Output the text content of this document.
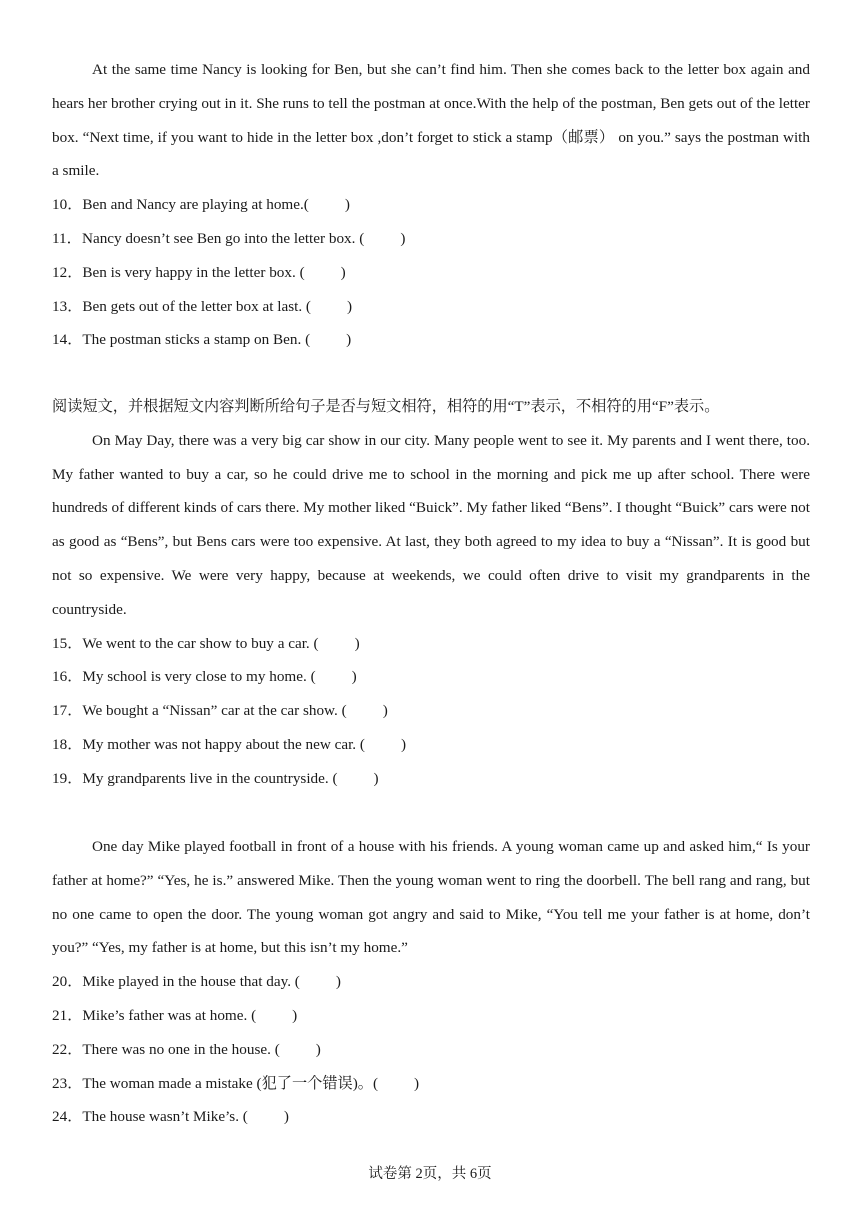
At the same time Nancy is looking for Ben, but she can’t find him. Then she comes back to the letter box again and hears her brother crying out in it. She runs to tell the postman at once.With the help of the postman, Ben gets out of the letter box. “Next time, if you want to hide in the letter box ,don’t forget to stick a stamp（邮票） on you.” says the postman with a smile.

10．Ben and Nancy are playing at home.( )

11．Nancy doesn’t see Ben go into the letter box. ( )

12．Ben is very happy in the letter box. ( )

13．Ben gets out of the letter box at last. ( )

14．The postman sticks a stamp on Ben. ( )

阅读短文，并根据短文内容判断所给句子是否与短文相符，相符的用“T”表示，不相符的用“F”表示。

On May Day, there was a very big car show in our city. Many people went to see it. My parents and I went there, too. My father wanted to buy a car, so he could drive me to school in the morning and pick me up after school. There were hundreds of different kinds of cars there. My mother liked “Buick”. My father liked “Bens”. I thought “Buick” cars were not as good as “Bens”, but Bens cars were too expensive. At last, they both agreed to my idea to buy a “Nissan”. It is good but not so expensive. We were very happy, because at weekends, we could often drive to visit my grandparents in the countryside.

15．We went to the car show to buy a car. ( )

16．My school is very close to my home. ( )

17．We bought a “Nissan” car at the car show. ( )

18．My mother was not happy about the new car. ( )

19．My grandparents live in the countryside. ( )

One day Mike played football in front of a house with his friends. A young woman came up and asked him,“ Is your father at home?” “Yes, he is.” answered Mike. Then the young woman went to ring the doorbell. The bell rang and rang, but no one came to open the door. The young woman got angry and said to Mike, “You tell me your father is at home, don’t you?” “Yes, my father is at home, but this isn’t my home.”

20．Mike played in the house that day. ( )

21．Mike’s father was at home. ( )

22．There was no one in the house. ( )

23．The woman made a mistake (犯了一个错误)。( )

24．The house wasn’t Mike’s. ( )

试卷第 2页，共 6页
